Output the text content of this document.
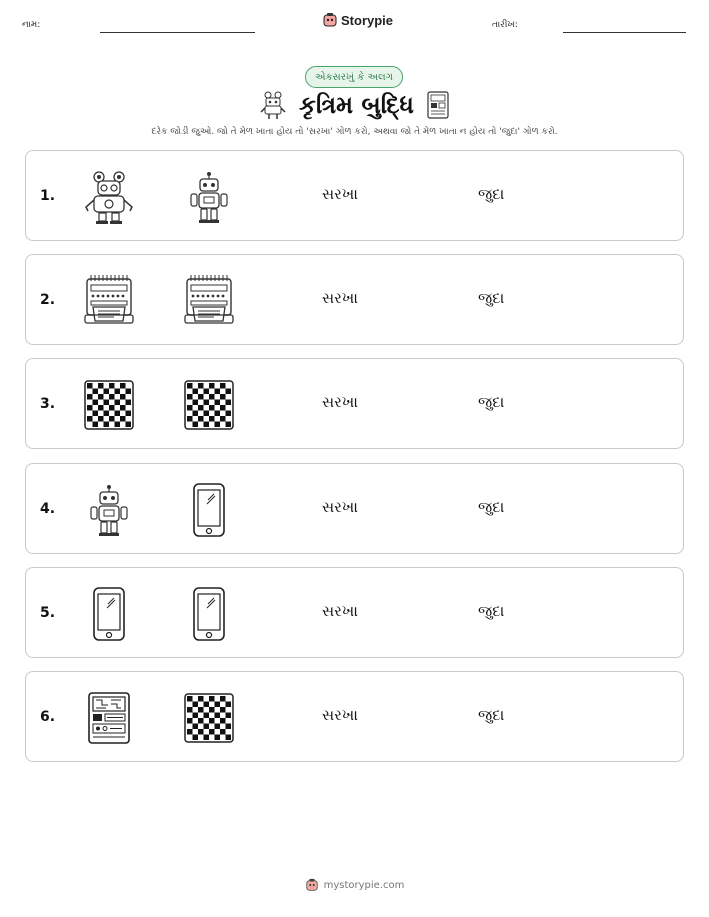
નામ:	Storypie	તારીખ:
એકસરખું કે અલગ
કૃત્રિમ બુદ્ધિ
દરેક જોડી જુઓ. જો તે મેળ ખાતા હોય તો 'સરખા' ગોળ કરો, અથવા જો તે મેળ ખાતા ન હોય તો 'જુદા' ગોળ કરો.
1.	સરખા	જુદા
2.	સરખા	જુદા
3.	સરખા	જુદા
4.	સરખા	જુદા
5.	સરખા	જુદા
6.	સરખા	જુદા
mystorypie.com
